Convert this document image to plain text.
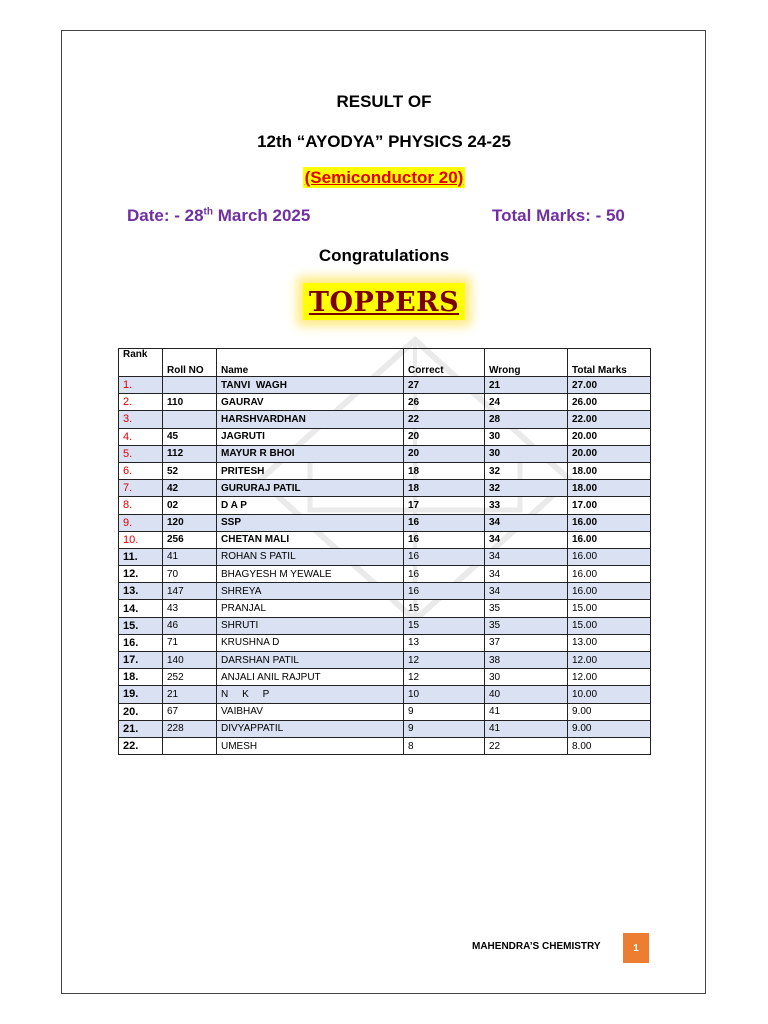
RESULT OF
12th “AYODYA” PHYSICS 24-25
(Semiconductor 20)
Date: - 28th March 2025	Total Marks: - 50
Congratulations
TOPPERS
Rank	Roll NO	Name	Correct	Wrong	Total Marks
1.		TANVI  WAGH	27	21	27.00
2.	110	GAURAV	26	24	26.00
3.		HARSHVARDHAN	22	28	22.00
4.	45	JAGRUTI	20	30	20.00
5.	112	MAYUR R BHOI	20	30	20.00
6.	52	PRITESH	18	32	18.00
7.	42	GURURAJ PATIL	18	32	18.00
8.	02	D A P	17	33	17.00
9.	120	SSP	16	34	16.00
10.	256	CHETAN MALI	16	34	16.00
11.	41	ROHAN S PATIL	16	34	16.00
12.	70	BHAGYESH M YEWALE	16	34	16.00
13.	147	SHREYA	16	34	16.00
14.	43	PRANJAL	15	35	15.00
15.	46	SHRUTI	15	35	15.00
16.	71	KRUSHNA D	13	37	13.00
17.	140	DARSHAN PATIL	12	38	12.00
18.	252	ANJALI ANIL RAJPUT	12	30	12.00
19.	21	N     K     P	10	40	10.00
20.	67	VAIBHAV	9	41	9.00
21.	228	DIVYAPPATIL	9	41	9.00
22.		UMESH	8	22	8.00
MAHENDRA’S CHEMISTRY	1
